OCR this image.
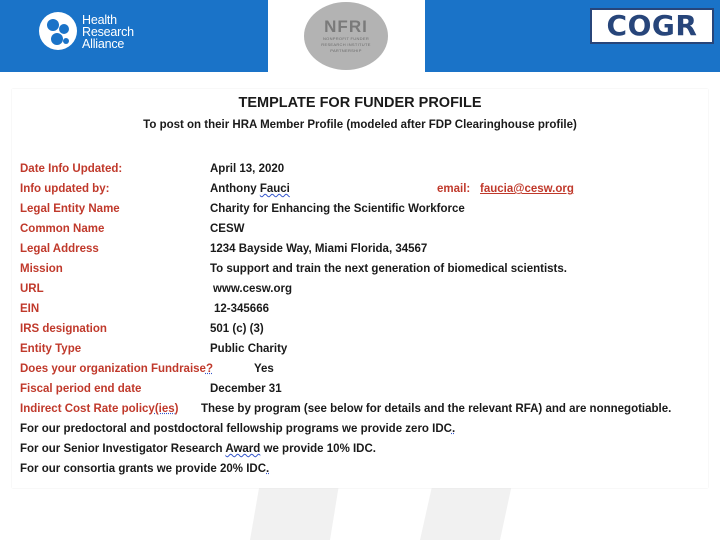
Health
Research
Alliance
NFRI
NONPROFIT FUNDER
RESEARCH INSTITUTE
PARTNERSHIP
COGR
TEMPLATE FOR FUNDER PROFILE
To post on their HRA Member Profile (modeled after FDP Clearinghouse profile)
Date Info Updated:	April 13, 2020
Info updated by:	Anthony Fauci	email: faucia@cesw.org
Legal Entity Name	Charity for Enhancing the Scientific Workforce
Common Name	CESW
Legal Address	1234 Bayside Way, Miami Florida, 34567
Mission	To support and train the next generation of biomedical scientists.
URL	www.cesw.org
EIN	12-345666
IRS designation	501 (c) (3)
Entity Type	Public Charity
Does your organization Fundraise?	Yes
Fiscal period end date	December 31
Indirect Cost Rate policy(ies) These by program (see below for details and the relevant RFA) and are nonnegotiable.
For our predoctoral and postdoctoral fellowship programs we provide zero IDC.
For our Senior Investigator Research Award we provide 10% IDC.
For our consortia grants we provide 20% IDC.
